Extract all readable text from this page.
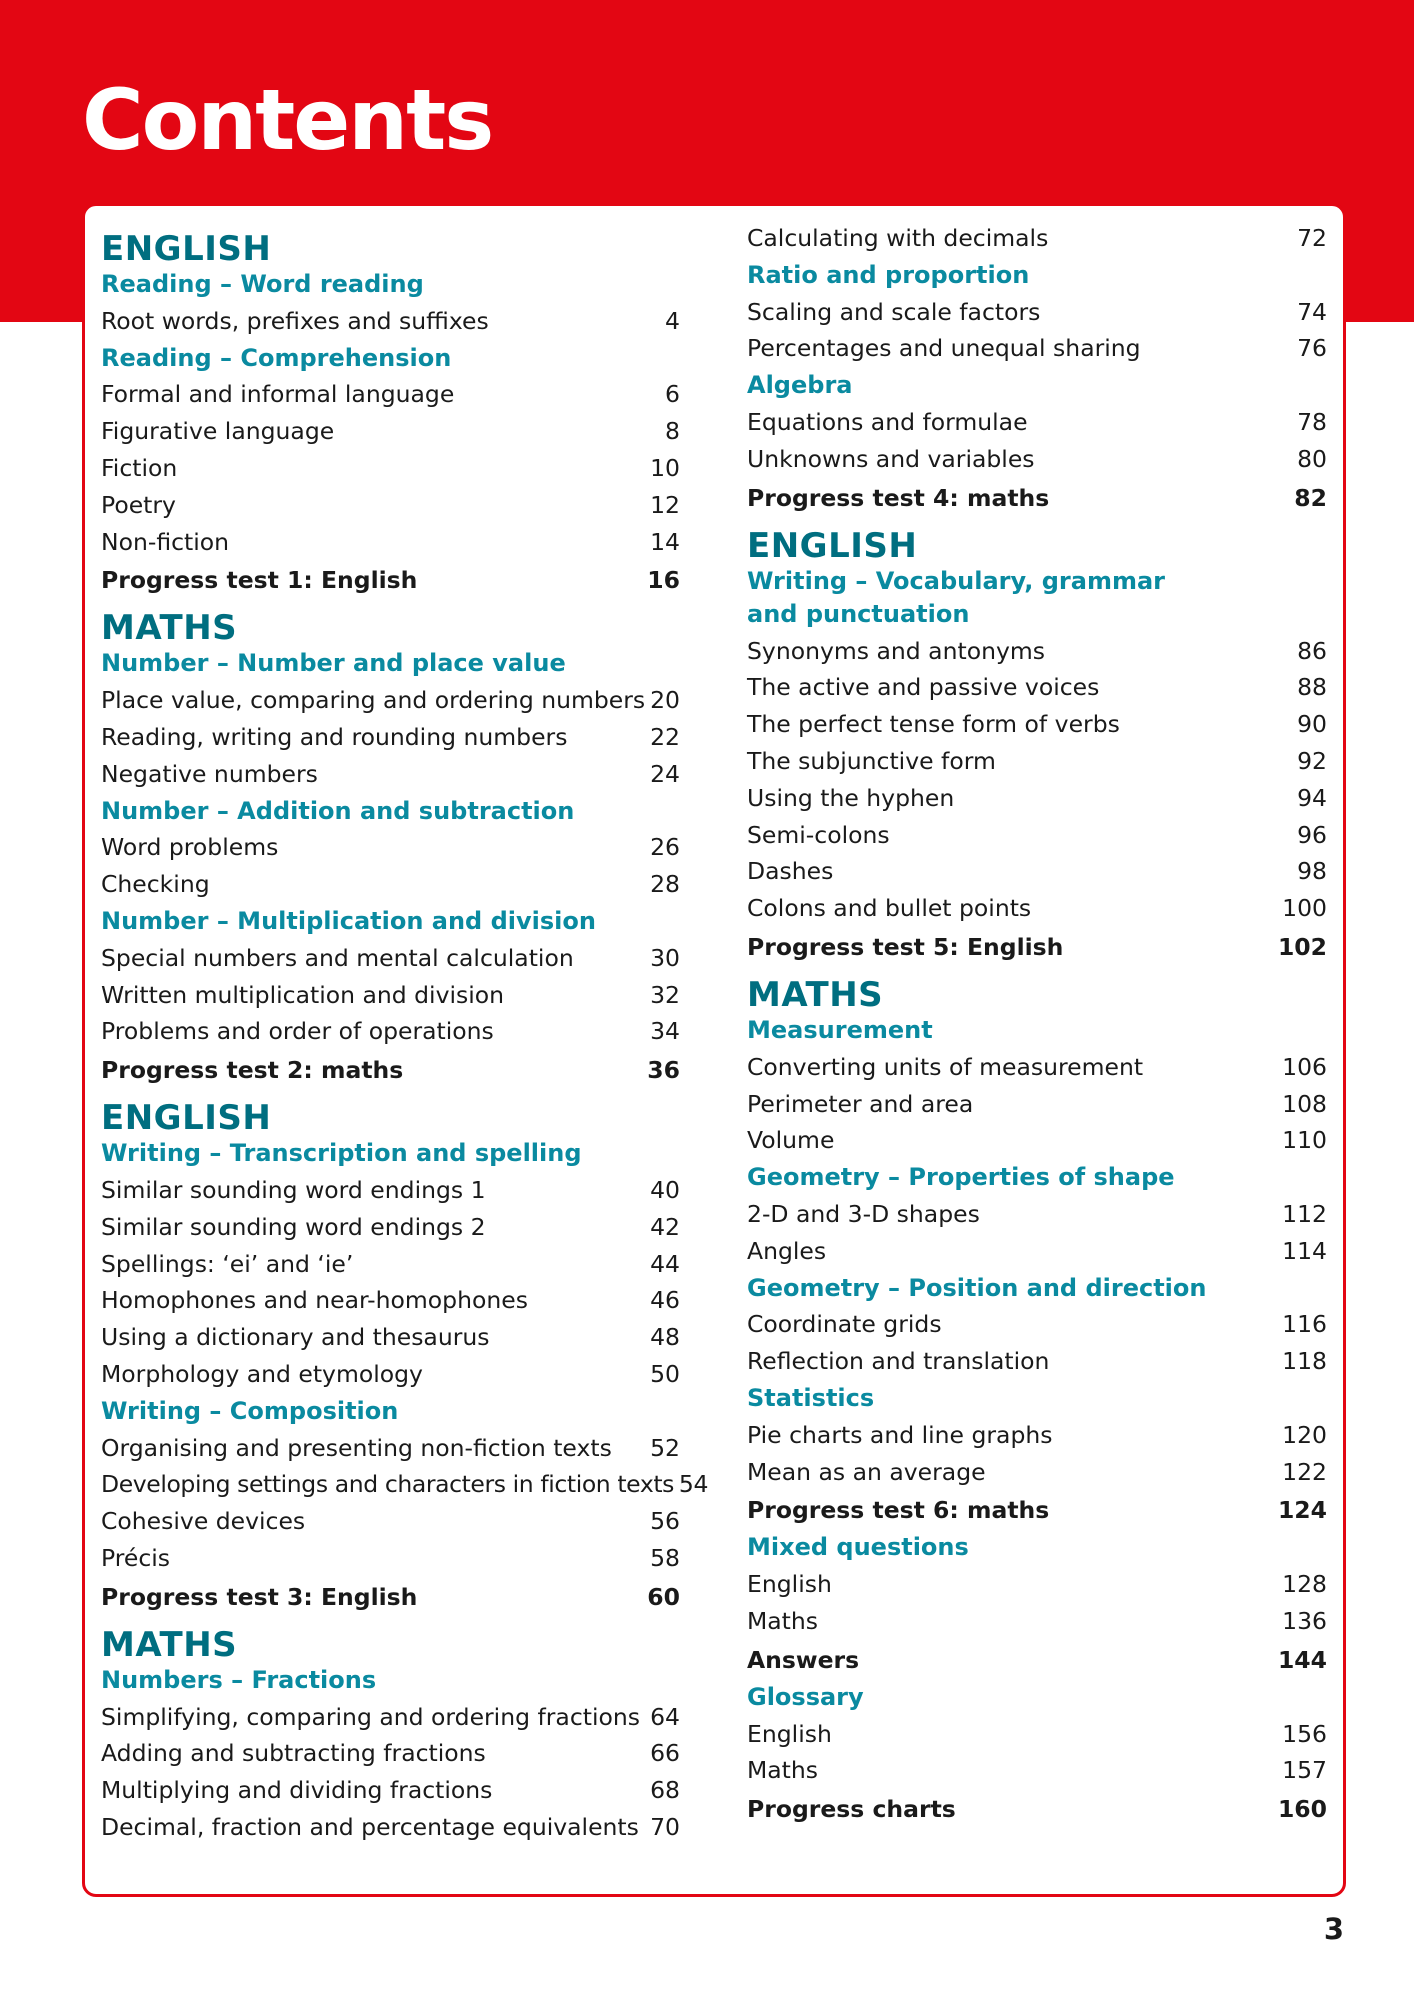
Contents
ENGLISH
Reading – Word reading
Root words, prefixes and suffixes	4
Reading – Comprehension
Formal and informal language	6
Figurative language	8
Fiction	10
Poetry	12
Non-fiction	14
Progress test 1: English	16
MATHS
Number – Number and place value
Place value, comparing and ordering numbers 20
Reading, writing and rounding numbers	22
Negative numbers	24
Number – Addition and subtraction
Word problems	26
Checking	28
Number – Multiplication and division
Special numbers and mental calculation	30
Written multiplication and division	32
Problems and order of operations	34
Progress test 2: maths	36
ENGLISH
Writing – Transcription and spelling
Similar sounding word endings 1	40
Similar sounding word endings 2	42
Spellings: ‘ei’ and ‘ie’	44
Homophones and near-homophones	46
Using a dictionary and thesaurus	48
Morphology and etymology	50
Writing – Composition
Organising and presenting non-fiction texts 52
Developing settings and characters in fiction texts 54
Cohesive devices	56
Précis	58
Progress test 3: English	60
MATHS
Numbers – Fractions
Simplifying, comparing and ordering fractions 64
Adding and subtracting fractions	66
Multiplying and dividing fractions	68
Decimal, fraction and percentage equivalents 70
Calculating with decimals	72
Ratio and proportion
Scaling and scale factors	74
Percentages and unequal sharing	76
Algebra
Equations and formulae	78
Unknowns and variables	80
Progress test 4: maths	82
ENGLISH
Writing – Vocabulary, grammar and punctuation
Synonyms and antonyms	86
The active and passive voices	88
The perfect tense form of verbs	90
The subjunctive form	92
Using the hyphen	94
Semi-colons	96
Dashes	98
Colons and bullet points	100
Progress test 5: English	102
MATHS
Measurement
Converting units of measurement	106
Perimeter and area	108
Volume	110
Geometry – Properties of shape
2-D and 3-D shapes	112
Angles	114
Geometry – Position and direction
Coordinate grids	116
Reflection and translation	118
Statistics
Pie charts and line graphs	120
Mean as an average	122
Progress test 6: maths	124
Mixed questions
English	128
Maths	136
Answers	144
Glossary
English	156
Maths	157
Progress charts	160
3
